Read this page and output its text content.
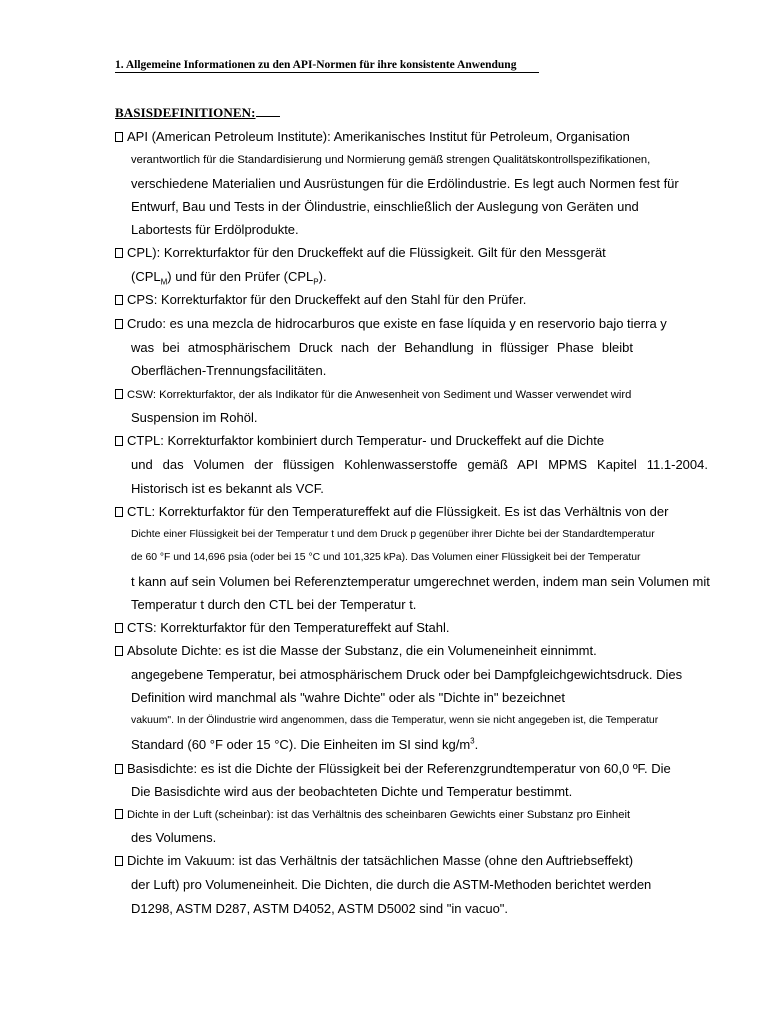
1. Allgemeine Informationen zu den API-Normen für ihre konsistente Anwendung
BASISDEFINITIONEN:
API (American Petroleum Institute): Amerikanisches Institut für Petroleum, Organisation
verantwortlich für die Standardisierung und Normierung gemäß strengen Qualitätskontrollspezifikationen,
verschiedene Materialien und Ausrüstungen für die Erdölindustrie. Es legt auch Normen fest für
Entwurf, Bau und Tests in der Ölindustrie, einschließlich der Auslegung von Geräten und
Labortests für Erdölprodukte.
CPL): Korrekturfaktor für den Druckeffekt auf die Flüssigkeit. Gilt für den Messgerät
$(CPL_M)$ und für den Prüfer $(CPL_P)$.
CPS: Korrekturfaktor für den Druckeffekt auf den Stahl für den Prüfer.
Crudo: es una mezcla de hidrocarburos que existe en fase líquida y en reservorio bajo tierra y
was bei atmosphärischem Druck nach der Behandlung in flüssiger Phase bleibt
Oberflächen-Trennungsfacilitäten.
CSW: Korrekturfaktor, der als Indikator für die Anwesenheit von Sediment und Wasser verwendet wird
Suspension im Rohöl.
CTPL: Korrekturfaktor kombiniert durch Temperatur- und Druckeffekt auf die Dichte
und das Volumen der flüssigen Kohlenwasserstoffe gemäß API MPMS Kapitel 11.1-2004.
Historisch ist es bekannt als VCF.
CTL: Korrekturfaktor für den Temperatureffekt auf die Flüssigkeit. Es ist das Verhältnis von der
Dichte einer Flüssigkeit bei der Temperatur t und dem Druck p gegenüber ihrer Dichte bei der Standardtemperatur
de 60 °F und 14,696 psia (oder bei 15 °C und 101,325 kPa). Das Volumen einer Flüssigkeit bei der Temperatur
t kann auf sein Volumen bei Referenztemperatur umgerechnet werden, indem man sein Volumen mit
Temperatur t durch den CTL bei der Temperatur t.
CTS: Korrekturfaktor für den Temperatureffekt auf Stahl.
Absolute Dichte: es ist die Masse der Substanz, die ein Volumeneinheit einnimmt.
angegebene Temperatur, bei atmosphärischem Druck oder bei Dampfgleichgewichtsdruck. Dies
Definition wird manchmal als "wahre Dichte" oder als "Dichte in" bezeichnet
vakuum". In der Ölindustrie wird angenommen, dass die Temperatur, wenn sie nicht angegeben ist, die Temperatur
Standard (60 °F oder 15 °C). Die Einheiten im SI sind $kg/m^3$.
Basisdichte: es ist die Dichte der Flüssigkeit bei der Referenzgrundtemperatur von 60,0 ºF. Die
Die Basisdichte wird aus der beobachteten Dichte und Temperatur bestimmt.
Dichte in der Luft (scheinbar): ist das Verhältnis des scheinbaren Gewichts einer Substanz pro Einheit
des Volumens.
Dichte im Vakuum: ist das Verhältnis der tatsächlichen Masse (ohne den Auftriebseffekt)
der Luft) pro Volumeneinheit. Die Dichten, die durch die ASTM-Methoden berichtet werden
D1298, ASTM D287, ASTM D4052, ASTM D5002 sind "in vacuo".
